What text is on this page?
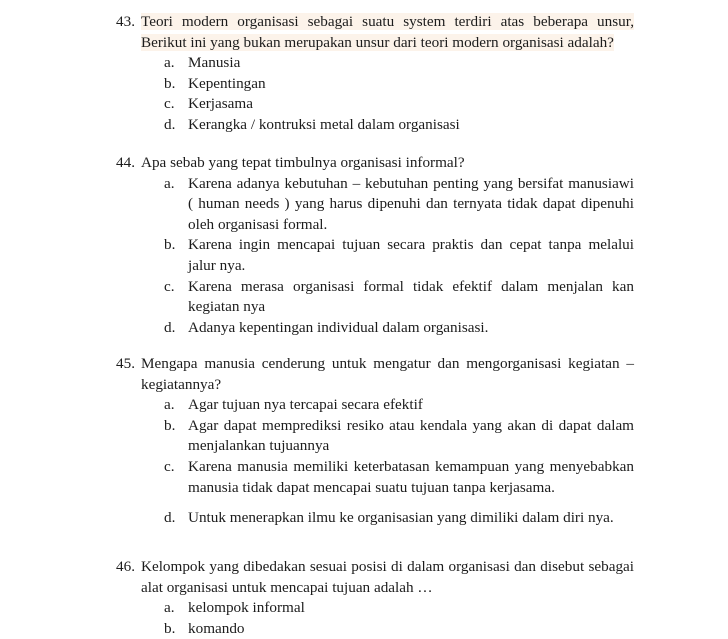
43. Teori modern organisasi sebagai suatu system terdiri atas beberapa unsur, Berikut ini yang bukan merupakan unsur dari teori modern organisasi adalah?
a. Manusia
b. Kepentingan
c. Kerjasama
d. Kerangka / kontruksi metal dalam organisasi
44. Apa sebab yang tepat timbulnya organisasi informal?
a. Karena adanya kebutuhan – kebutuhan penting yang bersifat manusiawi ( human needs ) yang harus dipenuhi dan ternyata tidak dapat dipenuhi oleh organisasi formal.
b. Karena ingin mencapai tujuan secara praktis dan cepat tanpa melalui jalur nya.
c. Karena merasa organisasi formal tidak efektif dalam menjalan kan kegiatan nya
d. Adanya kepentingan individual dalam organisasi.
45. Mengapa manusia cenderung untuk mengatur dan mengorganisasi kegiatan – kegiatannya?
a. Agar tujuan nya tercapai secara efektif
b. Agar dapat memprediksi resiko atau kendala yang akan di dapat dalam menjalankan tujuannya
c. Karena manusia memiliki keterbatasan kemampuan yang menyebabkan manusia tidak dapat mencapai suatu tujuan tanpa kerjasama.
d. Untuk menerapkan ilmu ke organisasian yang dimiliki dalam diri nya.
46. Kelompok yang dibedakan sesuai posisi di dalam organisasi dan disebut sebagai alat organisasi untuk mencapai tujuan adalah …
a. kelompok informal
b. komando
